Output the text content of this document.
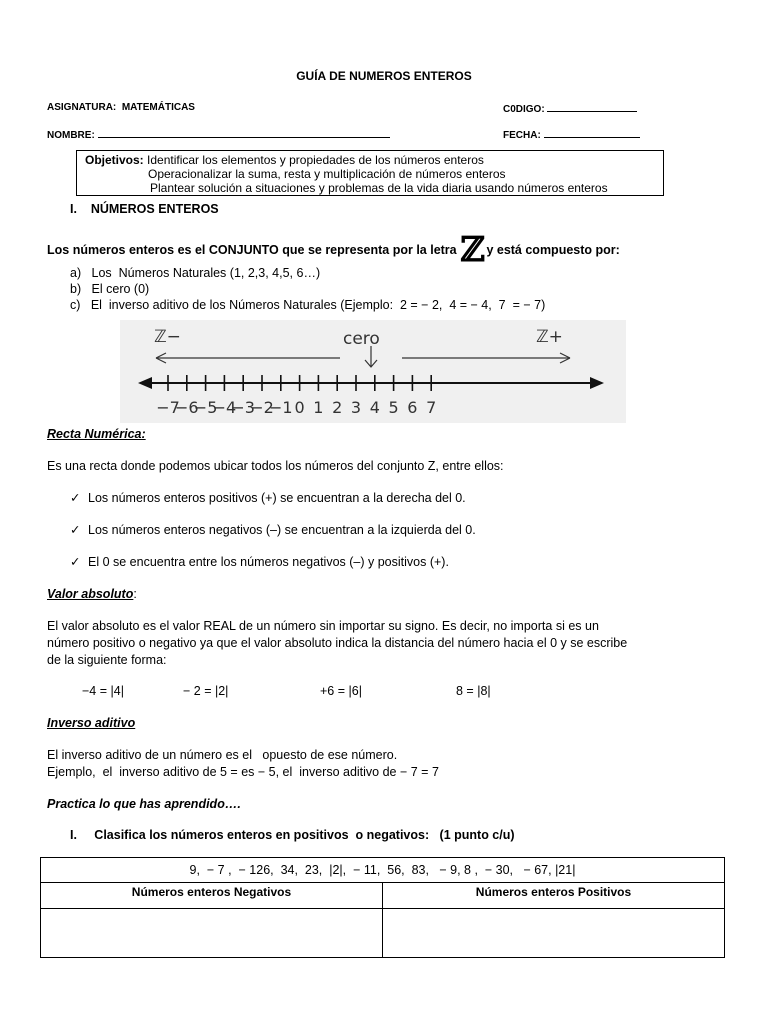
GUÍA DE NUMEROS ENTEROS
ASIGNATURA: MATEMÁTICAS	C0DIGO:
NOMBRE:	FECHA:
Objetivos: Identificar los elementos y propiedades de los números enteros
Operacionalizar la suma, resta y multiplicación de números enteros
Plantear solución a situaciones y problemas de la vida diaria usando números enteros
I.    NÚMEROS ENTEROS
Los números enteros es el CONJUNTO que se representa por la letra ℤ y está compuesto por:
a)   Los  Números Naturales (1, 2,3, 4,5, 6…)
b)   El cero (0)
c)   El  inverso aditivo de los Números Naturales (Ejemplo:  2 = − 2,  4 = − 4,  7  = − 7)
ℤ−	cero	ℤ+
−7
−6
−5
−4
−3
−2
−1 0 1 2 3 4 5 6 7
Recta Numérica:
Es una recta donde podemos ubicar todos los números del conjunto Z, entre ellos:
✓ Los números enteros positivos (+) se encuentran a la derecha del 0.
✓ Los números enteros negativos (–) se encuentran a la izquierda del 0.
✓ El 0 se encuentra entre los números negativos (–) y positivos (+).
Valor absoluto:
El valor absoluto es el valor REAL de un número sin importar su signo. Es decir, no importa si es un
número positivo o negativo ya que el valor absoluto indica la distancia del número hacia el 0 y se escribe
de la siguiente forma:
−4 = |4|	− 2 = |2|	+6 = |6|	8 = |8|
Inverso aditivo
El inverso aditivo de un número es el   opuesto de ese número.
Ejemplo,  el  inverso aditivo de 5 = es − 5, el  inverso aditivo de − 7 = 7
Practica lo que has aprendido….
I.     Clasifica los números enteros en positivos  o negativos:   (1 punto c/u)
9,  − 7 ,  − 126,  34,  23,  |2|,  − 11,  56,  83,   − 9, 8 ,  − 30,   − 67, |21|	
Números enteros Negativos	Números enteros Positivos
